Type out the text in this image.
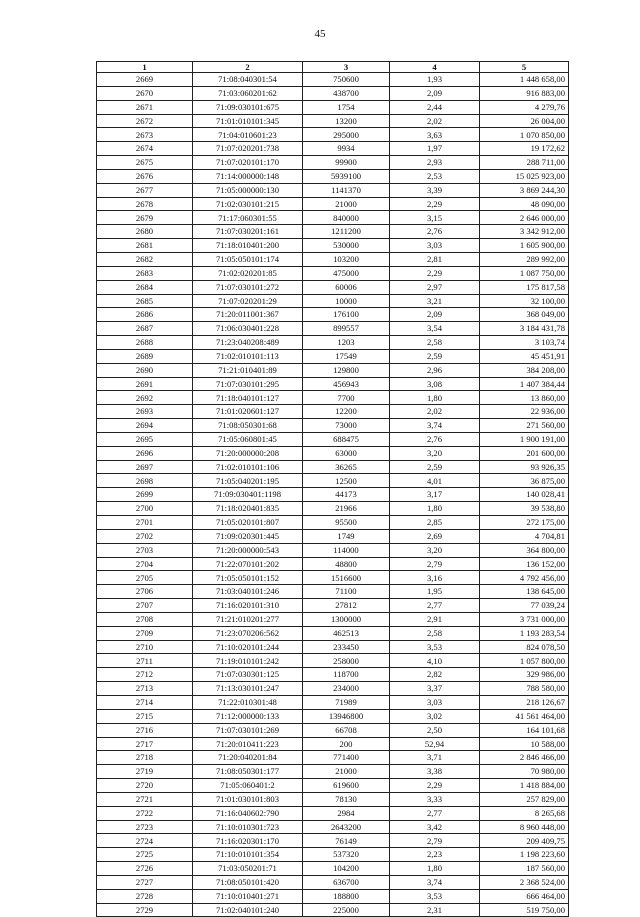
45
1	2	3	4	5
2669	71:08:040301:54	750600	1,93	1 448 658,00
2670	71:03:060201:62	438700	2,09	916 883,00
2671	71:09:030101:675	1754	2,44	4 279,76
2672	71:01:010101:345	13200	2,02	26 004,00
2673	71:04:010601:23	295000	3,63	1 070 850,00
2674	71:07:020201:738	9934	1,97	19 172,62
2675	71:07:020101:170	99900	2,93	288 711,00
2676	71:14:000000:148	5939100	2,53	15 025 923,00
2677	71:05:000000:130	1141370	3,39	3 869 244,30
2678	71:02:030101:215	21000	2,29	48 090,00
2679	71:17:060301:55	840000	3,15	2 646 000,00
2680	71:07:030201:161	1211200	2,76	3 342 912,00
2681	71:18:010401:200	530000	3,03	1 605 900,00
2682	71:05:050101:174	103200	2,81	289 992,00
2683	71:02:020201:85	475000	2,29	1 087 750,00
2684	71:07:030101:272	60006	2,97	175 817,58
2685	71:07:020201:29	10000	3,21	32 100,00
2686	71:20:011001:367	176100	2,09	368 049,00
2687	71:06:030401:228	899557	3,54	3 184 431,78
2688	71:23:040208:489	1203	2,58	3 103,74
2689	71:02:010101:113	17549	2,59	45 451,91
2690	71:21:010401:89	129800	2,96	384 208,00
2691	71:07:030101:295	456943	3,08	1 407 384,44
2692	71:18:040101:127	7700	1,80	13 860,00
2693	71:01:020601:127	12200	2,02	22 936,00
2694	71:08:050301:68	73000	3,74	271 560,00
2695	71:05:060801:45	688475	2,76	1 900 191,00
2696	71:20:000000:208	63000	3,20	201 600,00
2697	71:02:010101:106	36265	2,59	93 926,35
2698	71:05:040201:195	12500	4,01	36 875,00
2699	71:09:030401:1198	44173	3,17	140 028,41
2700	71:18:020401:835	21966	1,80	39 538,80
2701	71:05:020101:807	95500	2,85	272 175,00
2702	71:09:020301:445	1749	2,69	4 704,81
2703	71:20:000000:543	114000	3,20	364 800,00
2704	71:22:070101:202	48800	2,79	136 152,00
2705	71:05:050101:152	1516600	3,16	4 792 456,00
2706	71:03:040101:246	71100	1,95	138 645,00
2707	71:16:020101:310	27812	2,77	77 039,24
2708	71:21:010201:277	1300000	2,91	3 731 000,00
2709	71:23:070206:562	462513	2,58	1 193 283,54
2710	71:10:020101:244	233450	3,53	824 078,50
2711	71:19:010101:242	258000	4,10	1 057 800,00
2712	71:07:030301:125	118700	2,82	329 986,00
2713	71:13:030101:247	234000	3,37	788 580,00
2714	71:22:010301:48	71989	3,03	218 126,67
2715	71:12:000000:133	13946800	3,02	41 561 464,00
2716	71:07:030101:269	66708	2,50	164 101,68
2717	71:20:010411:223	200	52,94	10 588,00
2718	71:20:040201:84	771400	3,71	2 846 466,00
2719	71:08:050301:177	21000	3,38	70 980,00
2720	71:05:060401:2	619600	2,29	1 418 884,00
2721	71:01:030101:803	78130	3,33	257 829,00
2722	71:16:040602:790	2984	2,77	8 265,68
2723	71:10:010301:723	2643200	3,42	8 960 448,00
2724	71:16:020301:170	76149	2,79	209 409,75
2725	71:10:010101:354	537320	2,23	1 198 223,60
2726	71:03:050201:71	104200	1,80	187 560,00
2727	71:08:050101:420	636700	3,74	2 368 524,00
2728	71:10:010401:271	188800	3,53	666 464,00
2729	71:02:040101:240	225000	2,31	519 750,00
